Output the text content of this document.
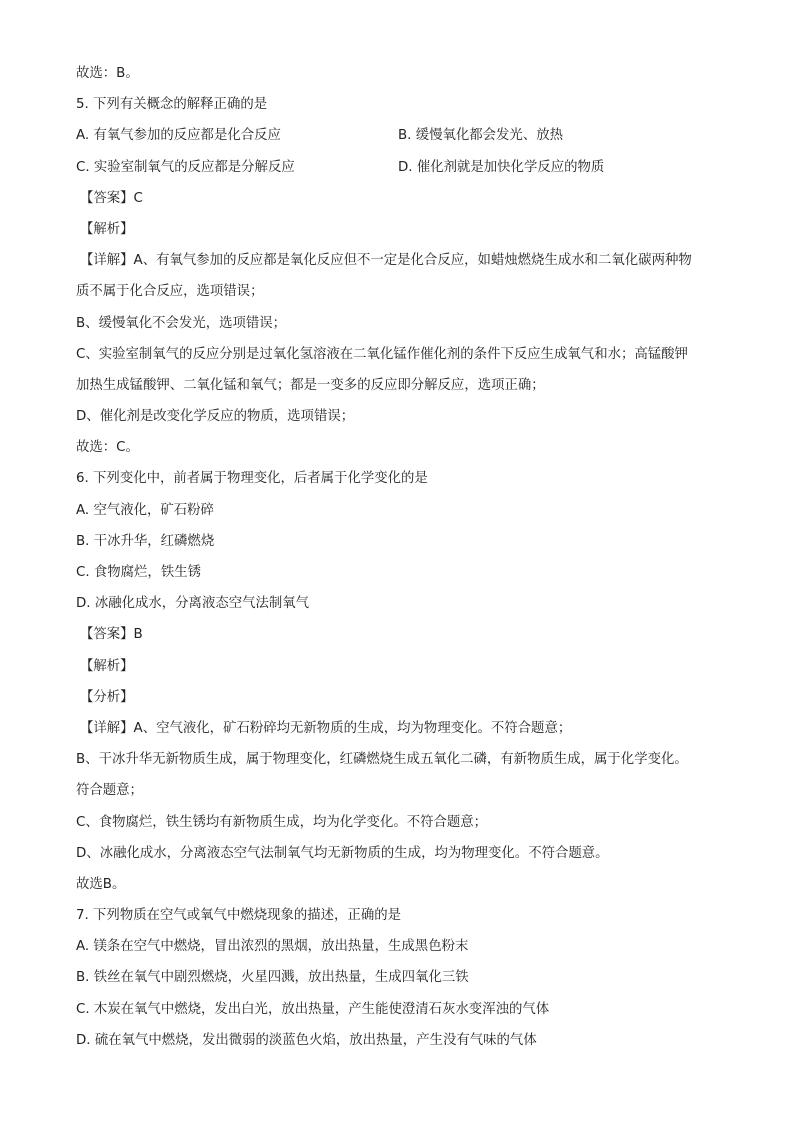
故选：B。
5. 下列有关概念的解释正确的是
A. 有氧气参加的反应都是化合反应	B. 缓慢氧化都会发光、放热
C. 实验室制氧气的反应都是分解反应	D. 催化剂就是加快化学反应的物质
【答案】C
【解析】
【详解】A、有氧气参加的反应都是氧化反应但不一定是化合反应，如蜡烛燃烧生成水和二氧化碳两种物
质不属于化合反应，选项错误；
B、缓慢氧化不会发光，选项错误；
C、实验室制氧气的反应分别是过氧化氢溶液在二氧化锰作催化剂的条件下反应生成氧气和水；高锰酸钾
加热生成锰酸钾、二氧化锰和氧气；都是一变多的反应即分解反应，选项正确；
D、催化剂是改变化学反应的物质，选项错误；
故选：C。
6. 下列变化中，前者属于物理变化，后者属于化学变化的是
A. 空气液化，矿石粉碎
B. 干冰升华，红磷燃烧
C. 食物腐烂，铁生锈
D. 冰融化成水，分离液态空气法制氧气
【答案】B
【解析】
【分析】
【详解】A、空气液化，矿石粉碎均无新物质的生成，均为物理变化。不符合题意；
B、干冰升华无新物质生成，属于物理变化，红磷燃烧生成五氧化二磷，有新物质生成，属于化学变化。
符合题意；
C、食物腐烂，铁生锈均有新物质生成，均为化学变化。不符合题意；
D、冰融化成水，分离液态空气法制氧气均无新物质的生成，均为物理变化。不符合题意。
故选B。
7. 下列物质在空气或氧气中燃烧现象的描述，正确的是
A. 镁条在空气中燃烧，冒出浓烈的黑烟，放出热量，生成黑色粉末
B. 铁丝在氧气中剧烈燃烧，火星四溅，放出热量，生成四氧化三铁
C. 木炭在氧气中燃烧，发出白光，放出热量，产生能使澄清石灰水变浑浊的气体
D. 硫在氧气中燃烧，发出微弱的淡蓝色火焰，放出热量，产生没有气味的气体
